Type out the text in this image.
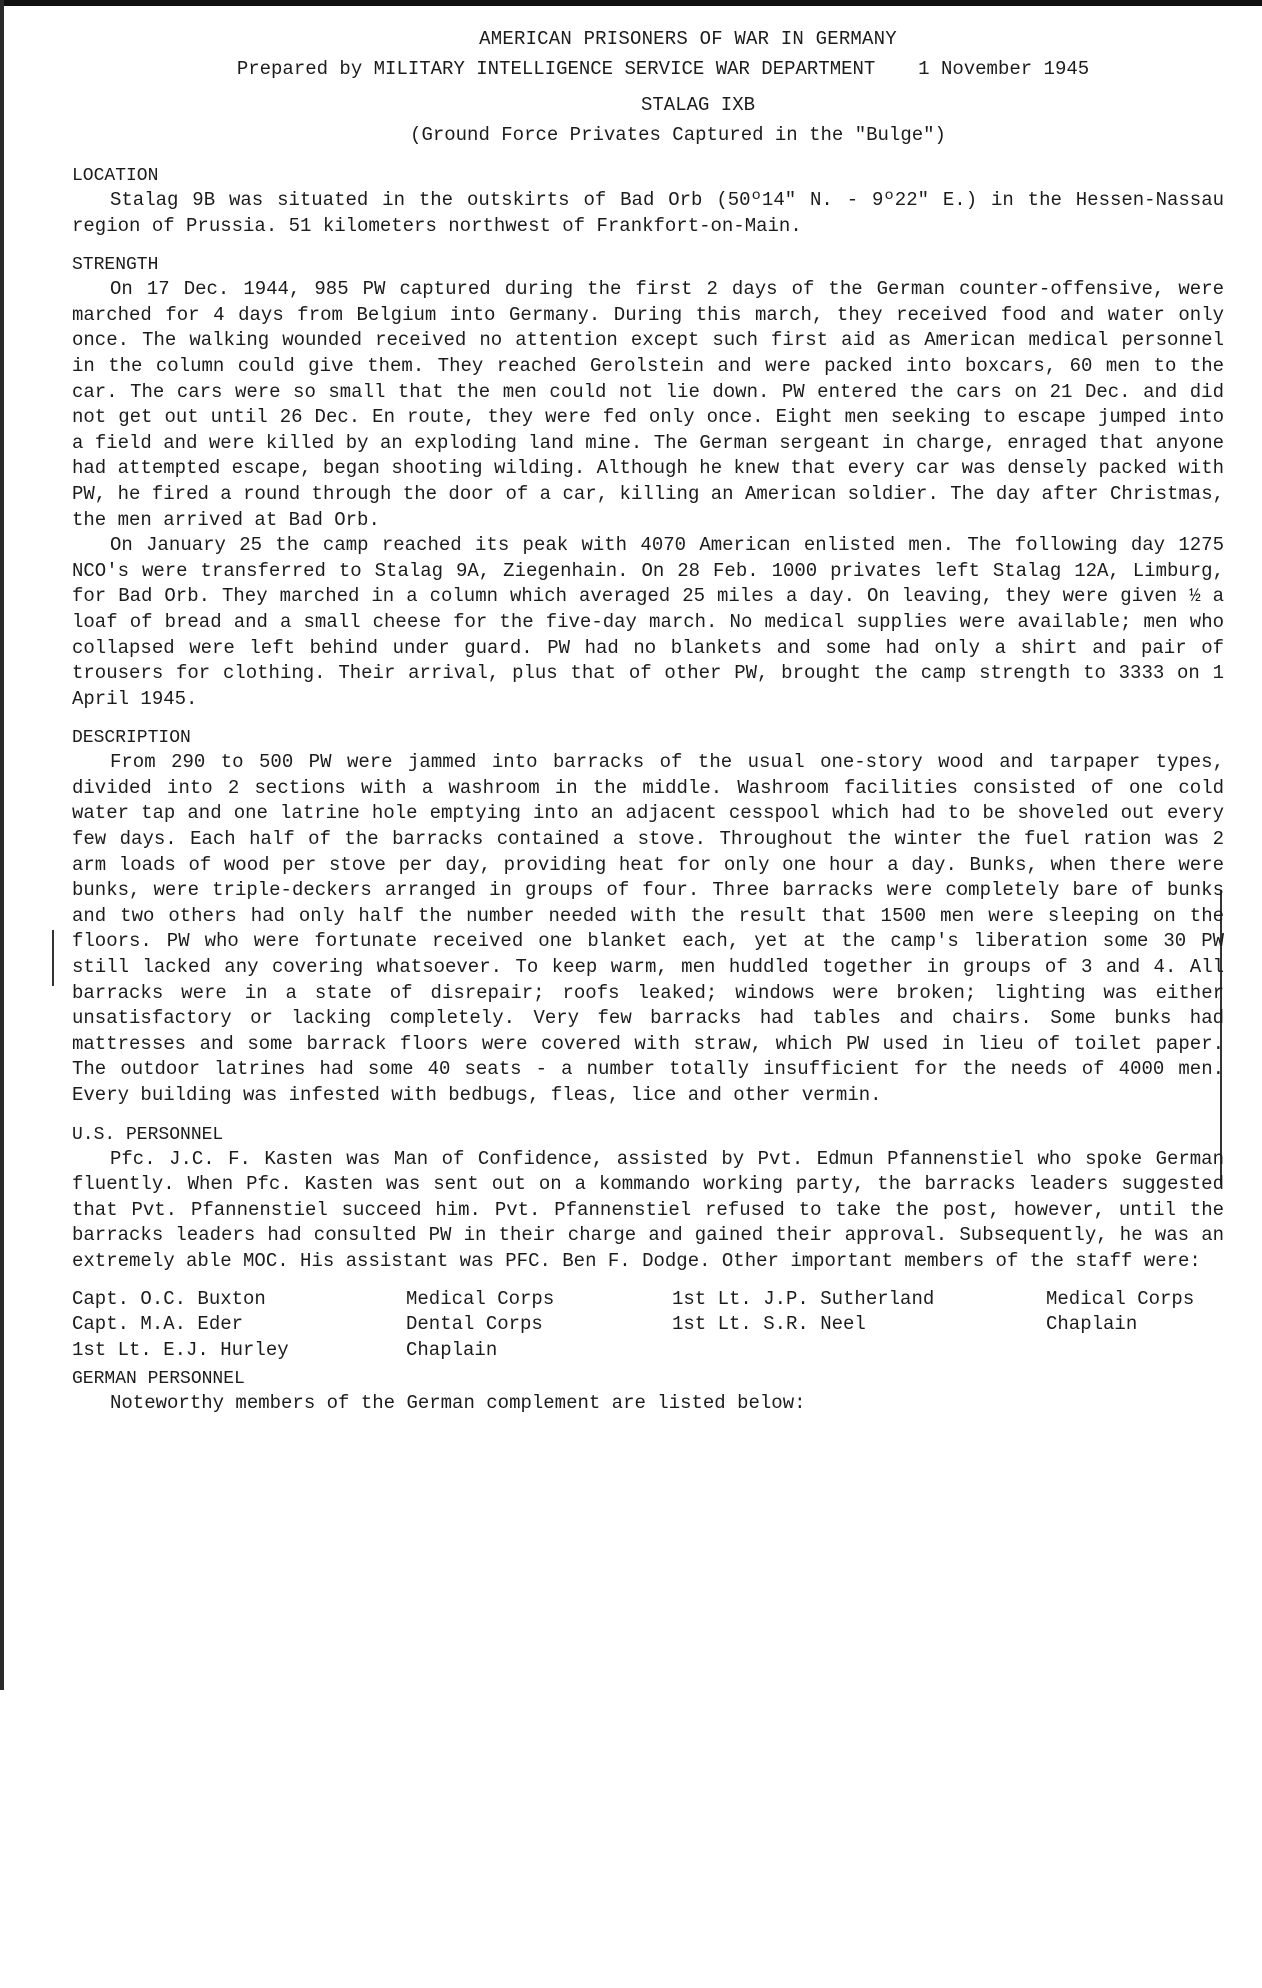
AMERICAN PRISONERS OF WAR IN GERMANY
Prepared by MILITARY INTELLIGENCE SERVICE WAR DEPARTMENT 1 November 1945
STALAG IXB
(Ground Force Privates Captured in the "Bulge")
LOCATION

Stalag 9B was situated in the outskirts of Bad Orb (50º14" N. - 9º22" E.) in the Hessen-Nassau region of Prussia. 51 kilometers northwest of Frankfort-on-Main.

STRENGTH

On 17 Dec. 1944, 985 PW captured during the first 2 days of the German counter-offensive, were marched for 4 days from Belgium into Germany. During this march, they received food and water only once. The walking wounded received no attention except such first aid as American medical personnel in the column could give them. They reached Gerolstein and were packed into boxcars, 60 men to the car. The cars were so small that the men could not lie down. PW entered the cars on 21 Dec. and did not get out until 26 Dec. En route, they were fed only once. Eight men seeking to escape jumped into a field and were killed by an exploding land mine. The German sergeant in charge, enraged that anyone had attempted escape, began shooting wilding. Although he knew that every car was densely packed with PW, he fired a round through the door of a car, killing an American soldier. The day after Christmas, the men arrived at Bad Orb.

On January 25 the camp reached its peak with 4070 American enlisted men. The following day 1275 NCO's were transferred to Stalag 9A, Ziegenhain. On 28 Feb. 1000 privates left Stalag 12A, Limburg, for Bad Orb. They marched in a column which averaged 25 miles a day. On leaving, they were given ½ a loaf of bread and a small cheese for the five-day march. No medical supplies were available; men who collapsed were left behind under guard. PW had no blankets and some had only a shirt and pair of trousers for clothing. Their arrival, plus that of other PW, brought the camp strength to 3333 on 1 April 1945.

DESCRIPTION

From 290 to 500 PW were jammed into barracks of the usual one-story wood and tarpaper types, divided into 2 sections with a washroom in the middle. Washroom facilities consisted of one cold water tap and one latrine hole emptying into an adjacent cesspool which had to be shoveled out every few days. Each half of the barracks contained a stove. Throughout the winter the fuel ration was 2 arm loads of wood per stove per day, providing heat for only one hour a day. Bunks, when there were bunks, were triple-deckers arranged in groups of four. Three barracks were completely bare of bunks and two others had only half the number needed with the result that 1500 men were sleeping on the floors. PW who were fortunate received one blanket each, yet at the camp's liberation some 30 PW still lacked any covering whatsoever. To keep warm, men huddled together in groups of 3 and 4. All barracks were in a state of disrepair; roofs leaked; windows were broken; lighting was either unsatisfactory or lacking completely. Very few barracks had tables and chairs. Some bunks had mattresses and some barrack floors were covered with straw, which PW used in lieu of toilet paper. The outdoor latrines had some 40 seats - a number totally insufficient for the needs of 4000 men. Every building was infested with bedbugs, fleas, lice and other vermin.

U.S. PERSONNEL

Pfc. J.C. F. Kasten was Man of Confidence, assisted by Pvt. Edmun Pfannenstiel who spoke German fluently. When Pfc. Kasten was sent out on a kommando working party, the barracks leaders suggested that Pvt. Pfannenstiel succeed him. Pvt. Pfannenstiel refused to take the post, however, until the barracks leaders had consulted PW in their charge and gained their approval. Subsequently, he was an extremely able MOC. His assistant was PFC. Ben F. Dodge. Other important members of the staff were:

Capt. O.C. Buxton
Capt. M.A. Eder
1st Lt. E.J. Hurley
Medical Corps
Dental Corps
Chaplain
1st Lt. J.P. Sutherland
1st Lt. S.R. Neel
Medical Corps
Chaplain
GERMAN PERSONNEL

Noteworthy members of the German complement are listed below:
